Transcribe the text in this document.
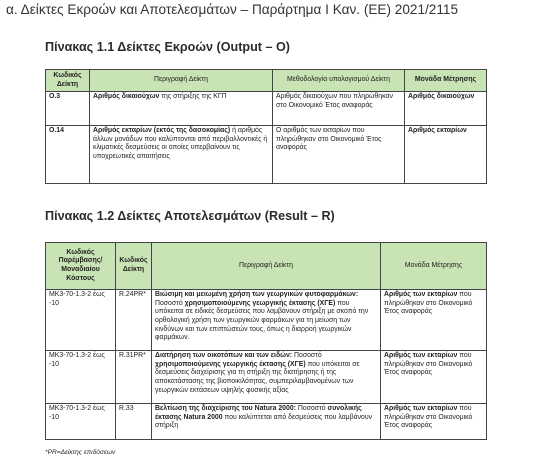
α. Δείκτες Εκροών και Αποτελεσμάτων – Παράρτημα Ι Καν. (ΕΕ) 2021/2115
Πίνακας 1.1 Δείκτες Εκροών (Output – O)
Κωδικός Δείκτη	Περιγραφή Δείκτη	Μεθοδολογία υπολογισμού Δείκτη	Μονάδα Μέτρησης
O.3	Αριθμός δικαιούχων της στήριξης της ΚΓΠ	Αριθμός δικαιούχων που πληρώθηκαν στο Οικονομικό Έτος αναφοράς	Αριθμός δικαιούχων
O.14	Αριθμός εκταρίων (εκτός της δασοκομίας) ή αριθμός άλλων μονάδων που καλύπτονται από περιβαλλοντικές ή κλιματικές δεσμεύσεις οι οποίες υπερβαίνουν τις υποχρεωτικές απαιτήσεις	Ο αριθμός των εκταρίων που πληρώθηκαν στο Οικονομικό Έτος αναφοράς	Αριθμός εκταρίων
Πίνακας 1.2 Δείκτες Αποτελεσμάτων (Result – R)
Κωδικός Παρέμβασης/ Μοναδιαίου Κόστους	Κωδικός Δείκτη	Περιγραφή Δείκτη	Μονάδα Μέτρησης
ΜΚ3-70-1.3-2 έως -10	R.24PR*	Βιώσιμη και μειωμένη χρήση των γεωργικών φυτοφαρμάκων: Ποσοστό χρησιμοποιούμενης γεωργικής έκτασης (ΧΓΕ) που υπόκειται σε ειδικές δεσμεύσεις που λαμβάνουν στήριξη με σκοπό την ορθολογική χρήση των γεωργικών φαρμάκων για τη μείωση των κινδύνων και των επιπτώσεών τους, όπως η διαρροή γεωργικών φαρμάκων.	Αριθμός των εκταρίων που πληρώθηκαν στο Οικονομικό Έτος αναφοράς
ΜΚ3-70-1.3-2 έως -10	R.31PR*	Διατήρηση των οικοτόπων και των ειδών: Ποσοστό χρησιμοποιούμενης γεωργικής έκτασης (ΧΓΕ) που υπόκειται σε δεσμεύσεις διαχείρισης για τη στήριξη της διατήρησης ή της αποκατάστασης της βιοποικιλότητας, συμπεριλαμβανομένων των γεωργικών εκτάσεων υψηλής φυσικής αξίας	Αριθμός των εκταρίων που πληρώθηκαν στο Οικονομικό Έτος αναφοράς
ΜΚ3-70-1.3-2 έως -10	R.33	Βελτίωση της διαχείρισης του Natura 2000: Ποσοστό συνολικής έκτασης Natura 2000 που καλύπτεται από δεσμεύσεις που λαμβάνουν στήριξη	Αριθμός των εκταρίων που πληρώθηκαν στο Οικονομικό Έτος αναφοράς
*PR=Δείκτης επιδόσεων
